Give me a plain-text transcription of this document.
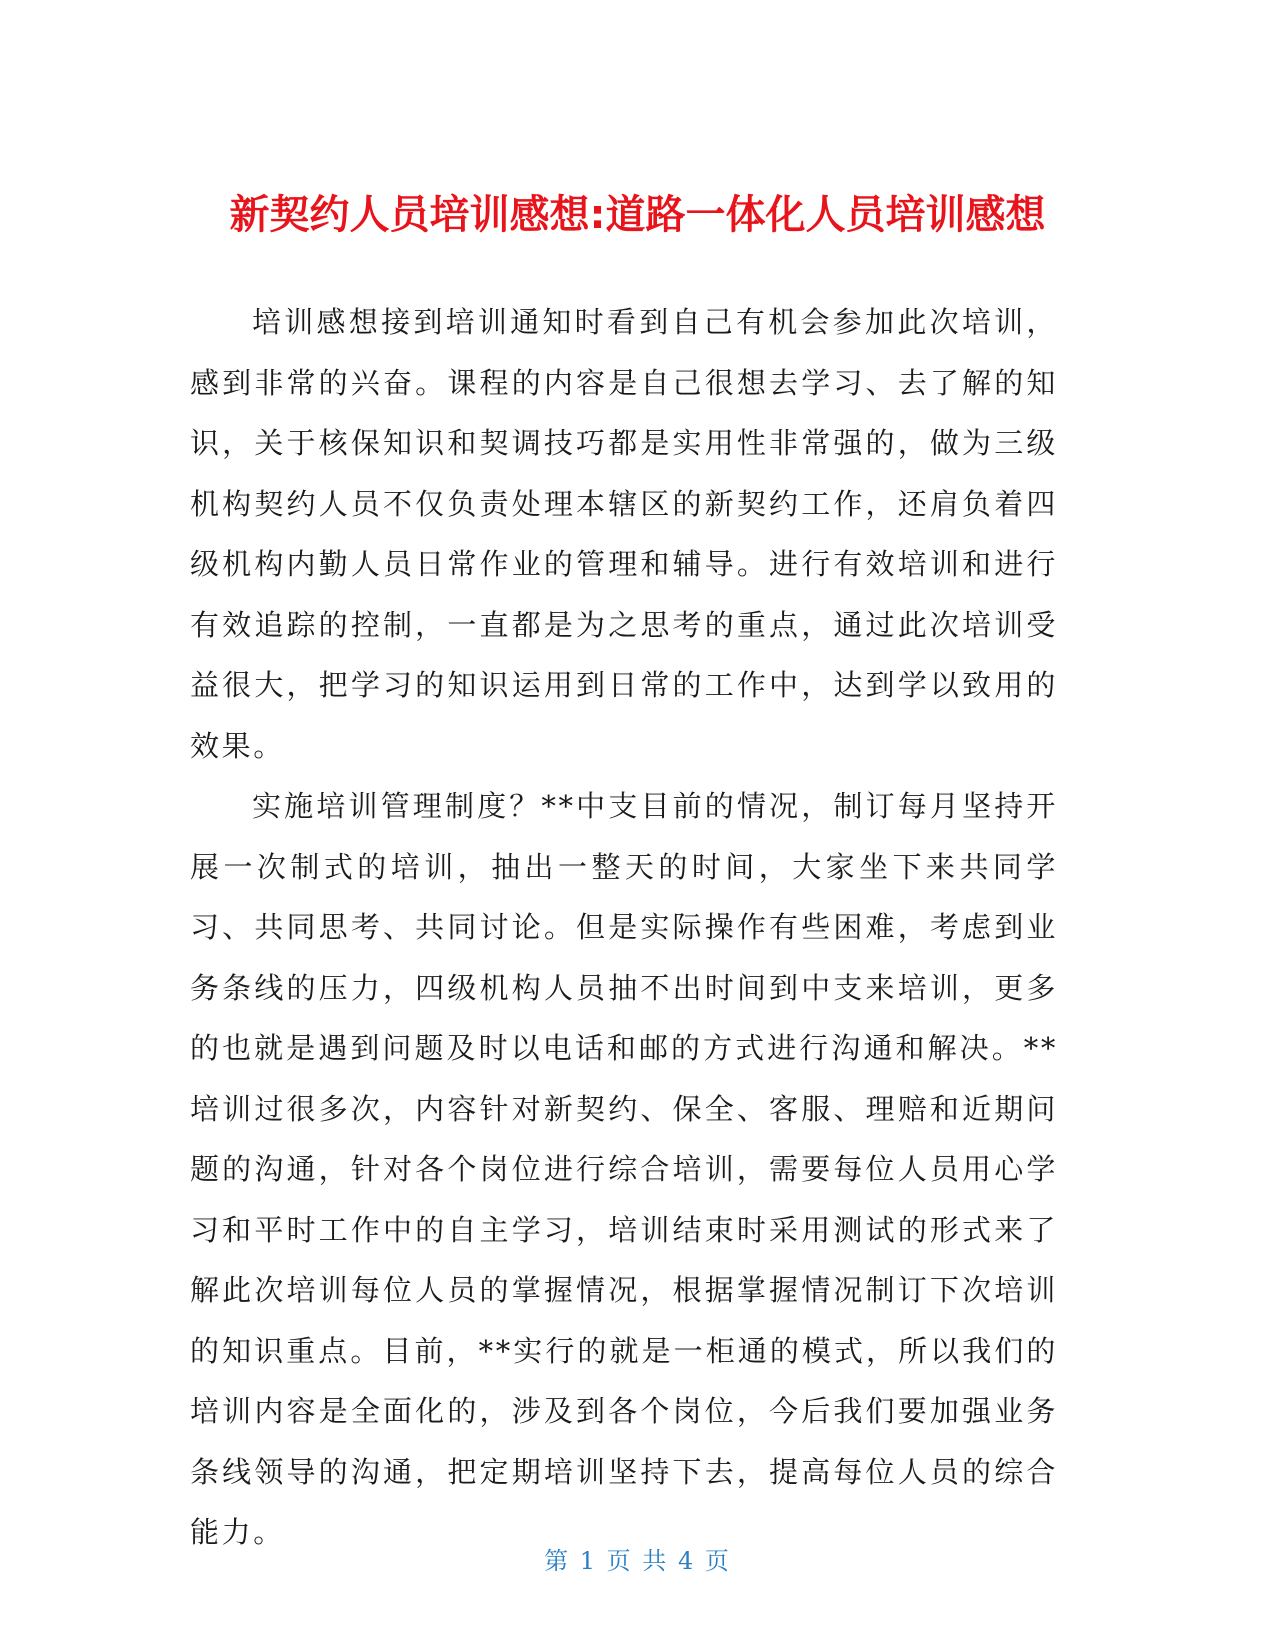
新契约人员培训感想:道路一体化人员培训感想

培训感想接到培训通知时看到自己有机会参加此次培训，感到非常的兴奋。课程的内容是自己很想去学习、去了解的知识，关于核保知识和契调技巧都是实用性非常强的，做为三级机构契约人员不仅负责处理本辖区的新契约工作，还肩负着四级机构内勤人员日常作业的管理和辅导。进行有效培训和进行有效追踪的控制，一直都是为之思考的重点，通过此次培训受益很大，把学习的知识运用到日常的工作中，达到学以致用的效果。

实施培训管理制度？**中支目前的情况，制订每月坚持开展一次制式的培训，抽出一整天的时间，大家坐下来共同学习、共同思考、共同讨论。但是实际操作有些困难，考虑到业务条线的压力，四级机构人员抽不出时间到中支来培训，更多的也就是遇到问题及时以电话和邮的方式进行沟通和解决。**培训过很多次，内容针对新契约、保全、客服、理赔和近期问题的沟通，针对各个岗位进行综合培训，需要每位人员用心学习和平时工作中的自主学习，培训结束时采用测试的形式来了解此次培训每位人员的掌握情况，根据掌握情况制订下次培训的知识重点。目前，**实行的就是一柜通的模式，所以我们的培训内容是全面化的，涉及到各个岗位，今后我们要加强业务条线领导的沟通，把定期培训坚持下去，提高每位人员的综合能力。

第 1 页 共 4 页
